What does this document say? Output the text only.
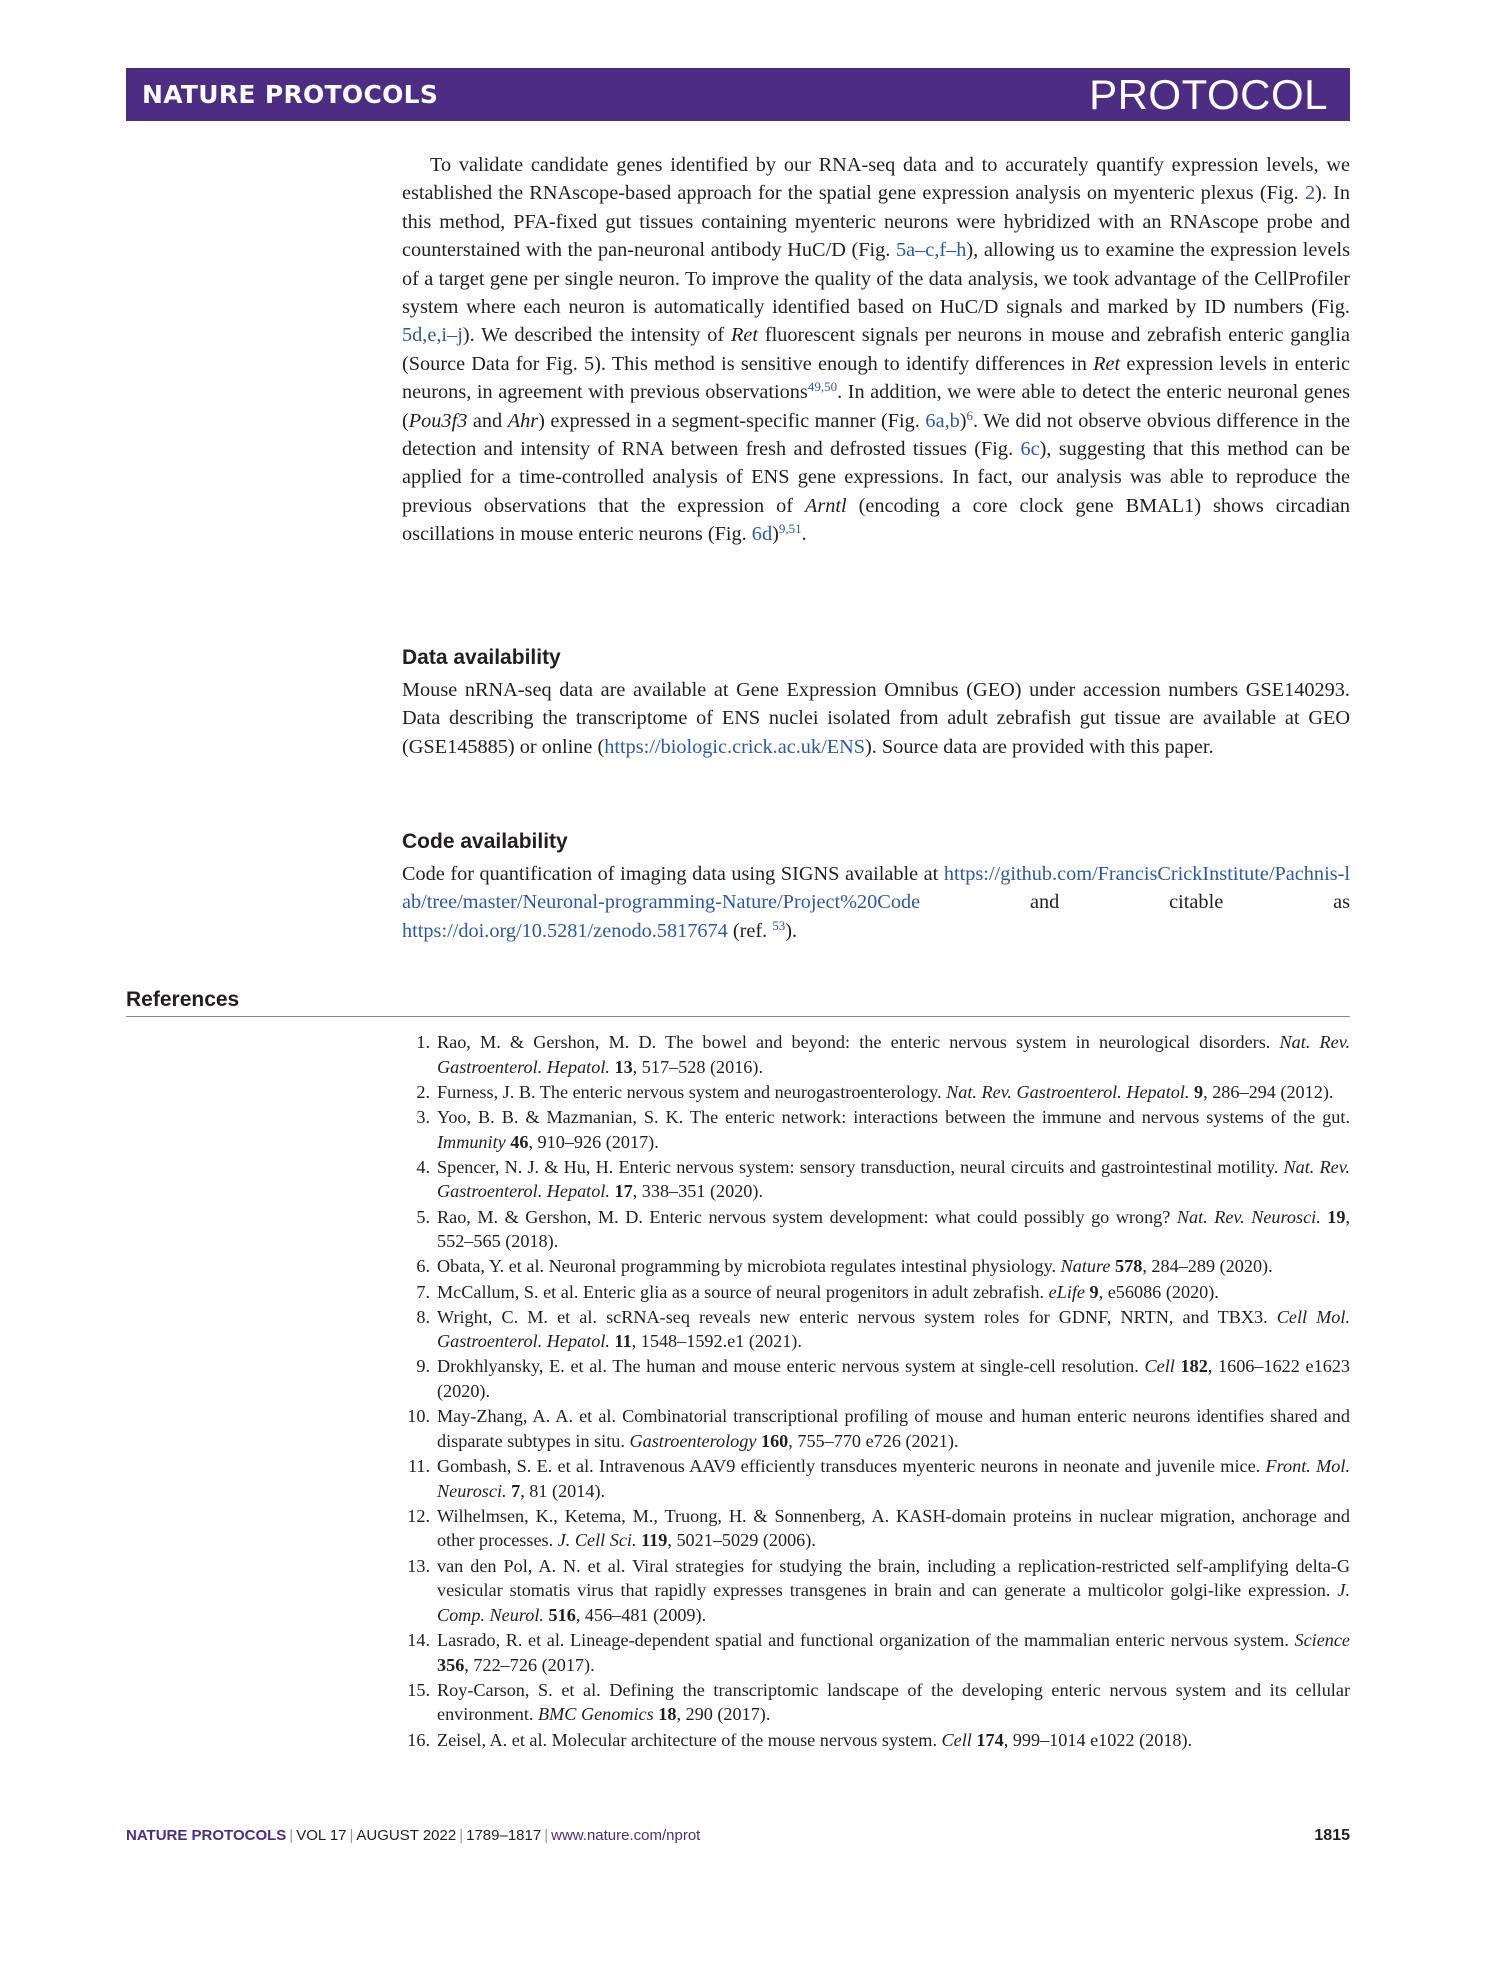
NATURE PROTOCOLS	PROTOCOL
To validate candidate genes identified by our RNA-seq data and to accurately quantify expression levels, we established the RNAscope-based approach for the spatial gene expression analysis on myenteric plexus (Fig. 2). In this method, PFA-fixed gut tissues containing myenteric neurons were hybridized with an RNAscope probe and counterstained with the pan-neuronal antibody HuC/D (Fig. 5a–c,f–h), allowing us to examine the expression levels of a target gene per single neuron. To improve the quality of the data analysis, we took advantage of the CellProfiler system where each neuron is automatically identified based on HuC/D signals and marked by ID numbers (Fig. 5d,e,i–j). We described the intensity of Ret fluorescent signals per neurons in mouse and zebrafish enteric ganglia (Source Data for Fig. 5). This method is sensitive enough to identify differences in Ret expression levels in enteric neurons, in agreement with previous observations$^{49,50}$. In addition, we were able to detect the enteric neuronal genes (Pou3f3 and Ahr) expressed in a segment-specific manner (Fig. 6a,b)$^6$. We did not observe obvious difference in the detection and intensity of RNA between fresh and defrosted tissues (Fig. 6c), suggesting that this method can be applied for a time-controlled analysis of ENS gene expressions. In fact, our analysis was able to reproduce the previous observations that the expression of Arntl (encoding a core clock gene BMAL1) shows circadian oscillations in mouse enteric neurons (Fig. 6d)$^{9,51}$.
Data availability
Mouse nRNA-seq data are available at Gene Expression Omnibus (GEO) under accession numbers GSE140293. Data describing the transcriptome of ENS nuclei isolated from adult zebrafish gut tissue are available at GEO (GSE145885) or online (https://biologic.crick.ac.uk/ENS). Source data are provided with this paper.
Code availability
Code for quantification of imaging data using SIGNS available at https://github.com/FrancisCrickInstitute/Pachnis-lab/tree/master/Neuronal-programming-Nature/Project%20Code and citable as https://doi.org/10.5281/zenodo.5817674 (ref. $^{53}$).
References
1. Rao, M. & Gershon, M. D. The bowel and beyond: the enteric nervous system in neurological disorders. Nat. Rev. Gastroenterol. Hepatol. 13, 517–528 (2016).
2. Furness, J. B. The enteric nervous system and neurogastroenterology. Nat. Rev. Gastroenterol. Hepatol. 9, 286–294 (2012).
3. Yoo, B. B. & Mazmanian, S. K. The enteric network: interactions between the immune and nervous systems of the gut. Immunity 46, 910–926 (2017).
4. Spencer, N. J. & Hu, H. Enteric nervous system: sensory transduction, neural circuits and gastrointestinal motility. Nat. Rev. Gastroenterol. Hepatol. 17, 338–351 (2020).
5. Rao, M. & Gershon, M. D. Enteric nervous system development: what could possibly go wrong? Nat. Rev. Neurosci. 19, 552–565 (2018).
6. Obata, Y. et al. Neuronal programming by microbiota regulates intestinal physiology. Nature 578, 284–289 (2020).
7. McCallum, S. et al. Enteric glia as a source of neural progenitors in adult zebrafish. eLife 9, e56086 (2020).
8. Wright, C. M. et al. scRNA-seq reveals new enteric nervous system roles for GDNF, NRTN, and TBX3. Cell Mol. Gastroenterol. Hepatol. 11, 1548–1592.e1 (2021).
9. Drokhlyansky, E. et al. The human and mouse enteric nervous system at single-cell resolution. Cell 182, 1606–1622 e1623 (2020).
10. May-Zhang, A. A. et al. Combinatorial transcriptional profiling of mouse and human enteric neurons identifies shared and disparate subtypes in situ. Gastroenterology 160, 755–770 e726 (2021).
11. Gombash, S. E. et al. Intravenous AAV9 efficiently transduces myenteric neurons in neonate and juvenile mice. Front. Mol. Neurosci. 7, 81 (2014).
12. Wilhelmsen, K., Ketema, M., Truong, H. & Sonnenberg, A. KASH-domain proteins in nuclear migration, anchorage and other processes. J. Cell Sci. 119, 5021–5029 (2006).
13. van den Pol, A. N. et al. Viral strategies for studying the brain, including a replication-restricted self-amplifying delta-G vesicular stomatis virus that rapidly expresses transgenes in brain and can generate a multicolor golgi-like expression. J. Comp. Neurol. 516, 456–481 (2009).
14. Lasrado, R. et al. Lineage-dependent spatial and functional organization of the mammalian enteric nervous system. Science 356, 722–726 (2017).
15. Roy-Carson, S. et al. Defining the transcriptomic landscape of the developing enteric nervous system and its cellular environment. BMC Genomics 18, 290 (2017).
16. Zeisel, A. et al. Molecular architecture of the mouse nervous system. Cell 174, 999–1014 e1022 (2018).
NATURE PROTOCOLS | VOL 17 | AUGUST 2022 | 1789–1817 | www.nature.com/nprot	1815
